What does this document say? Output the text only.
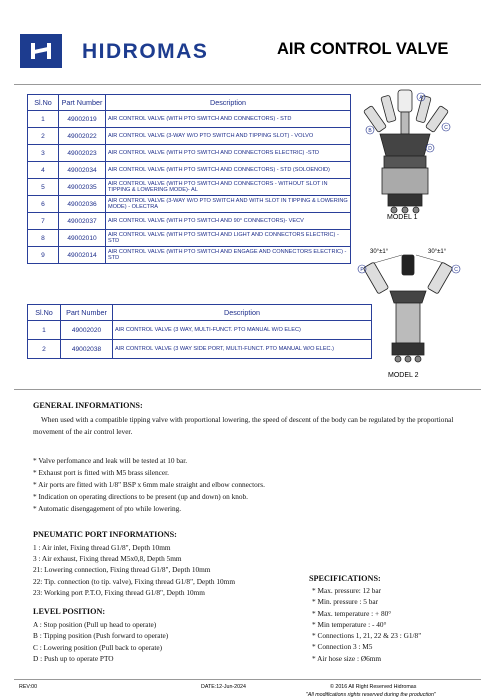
HIDROMAS	AIR CONTROL VALVE
Sl.No	Part Number	Description
1	49002019	AIR CONTROL VALVE (WITH PTO SWITCH AND CONNECTORS) - STD
2	49002022	AIR CONTROL VALVE (3-WAY W/O PTO SWITCH AND TIPPING SLOT) - VOLVO
3	49002023	AIR CONTROL VALVE (WITH PTO SWITCH AND CONNECTORS ELECTRIC) -STD
4	49002034	AIR CONTROL VALVE (WITH PTO SWITCH AND CONNECTORS) - STD (SOLOENOID)
5	49002035	AIR CONTROL VALVE (WITH PTO SWITCH AND CONNECTORS - WITHOUT SLOT IN TIPPING & LOWERING MODE)- AL
6	49002036	AIR CONTROL VALVE (3-WAY W/O PTO SWITCH AND WITH SLOT IN TIPPING & LOWERING MODE) - OLECTRA
7	49002037	AIR CONTROL VALVE (WITH PTO SWITCH AND 90° CONNECTORS)- VECV
8	49002010	AIR CONTROL VALVE (WITH PTO SWITCH AND LIGHT AND CONNECTORS ELECTRIC) -STD
9	49002014	AIR CONTROL VALVE (WITH PTO SWITCH AND ENGAGE AND CONNECTORS ELECTRIC) -STD
A
B	C
D
MODEL 1
Sl.No	Part Number	Description
1	49002020	AIR CONTROL VALVE (3 WAY, MULTI-FUNCT. PTO MANUAL W/O ELEC)
2	49002038	AIR CONTROL VALVE (3 WAY SIDE PORT, MULTI-FUNCT. PTO MANUAL W/O ELEC.)
30°±1°	30°±1°
P	C
MODEL 2
GENERAL INFORMATIONS:
When used with a compatible tipping valve with proportional lowering, the speed of descent of the body can be regulated by the proportional movement of the air control lever.
* Valve perfomance and leak will be tested at 10 bar.
* Exhaust port is fitted with M5 brass silencer.
* Air ports are fitted with 1/8" BSP x 6mm male straight and elbow connectors.
* Indication on operating directions to be present (up and down) on knob.
* Automatic disengagement of pto while lowering.
PNEUMATIC PORT INFORMATIONS:
1 : Air inlet, Fixing thread G1/8", Depth 10mm
3 : Air exhaust, Fixing thread M5x0,8, Depth 5mm
21: Lowering connection, Fixing thread G1/8", Depth 10mm
22: Tip. connection (to tip. valve), Fixing thread G1/8", Depth 10mm
23: Working port P.T.O, Fixing thread G1/8", Depth 10mm
SPECIFICATIONS:
* Max. pressure: 12 bar
* Min. pressure : 5 bar
* Max. temperature : + 80°
* Min temperature : - 40°
* Connections 1, 21, 22 & 23 : G1/8"
* Connection 3 : M5
* Air hose size : Ø6mm
LEVEL POSITION:
A : Stop position (Pull up head to operate)
B : Tipping position (Push forward to operate)
C : Lowering position (Pull back to operate)
D : Push up to operate PTO
REV:00	DATE:12-Jun-2024	© 2016 All Right Reserved Hidromas
"All modifications rights reserved during the production"
